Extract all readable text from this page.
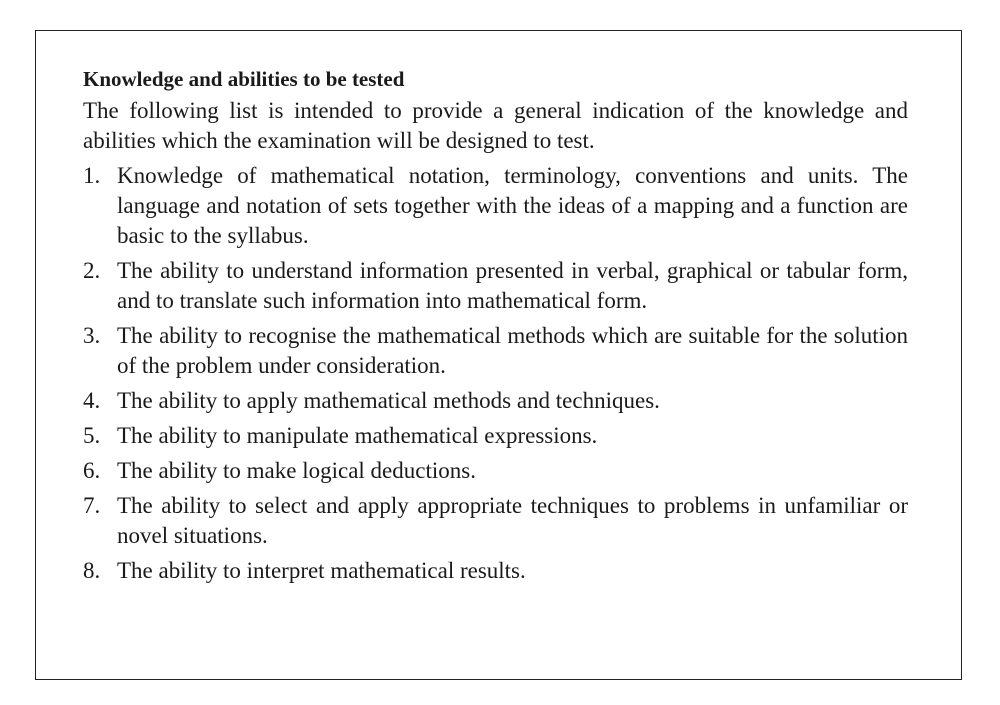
Knowledge and abilities to be tested
The following list is intended to provide a general indication of the knowledge and abilities which the examination will be designed to test.
1. Knowledge of mathematical notation, terminology, conventions and units. The language and notation of sets together with the ideas of a mapping and a function are basic to the syllabus.
2. The ability to understand information presented in verbal, graphical or tabular form, and to translate such information into mathematical form.
3. The ability to recognise the mathematical methods which are suitable for the solution of the problem under consideration.
4. The ability to apply mathematical methods and techniques.
5. The ability to manipulate mathematical expressions.
6. The ability to make logical deductions.
7. The ability to select and apply appropriate techniques to problems in unfamiliar or novel situations.
8. The ability to interpret mathematical results.
